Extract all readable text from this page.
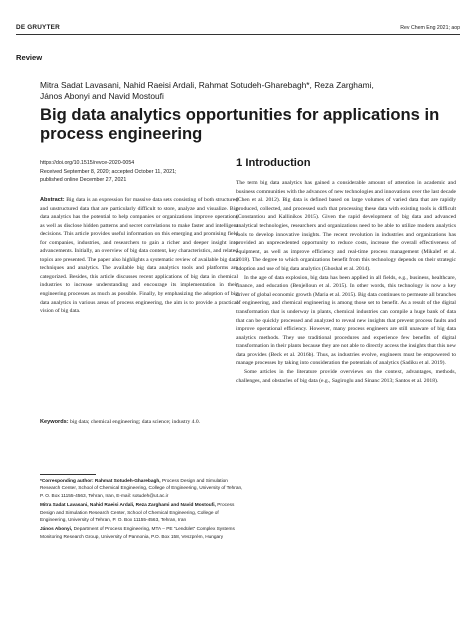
DE GRUYTER	Rev Chem Eng 2021; aop
Review
Mitra Sadat Lavasani, Nahid Raeisi Ardali, Rahmat Sotudeh-Gharebagh*, Reza Zarghami,
János Abonyi and Navid Mostoufi
Big data analytics opportunities for applications in process engineering
https://doi.org/10.1515/revce-2020-0054
Received September 8, 2020; accepted October 11, 2021;
published online December 27, 2021
Abstract: Big data is an expression for massive data sets consisting of both structured and unstructured data that are particularly difficult to store, analyze and visualize. Big data analytics has the potential to help companies or organizations improve operations as well as disclose hidden patterns and secret correlations to make faster and intelligent decisions. This article provides useful information on this emerging and promising field for companies, industries, and researchers to gain a richer and deeper insight into advancements. Initially, an overview of big data content, key characteristics, and related topics are presented. The paper also highlights a systematic review of available big data techniques and analytics. The available big data analytics tools and platforms are categorized. Besides, this article discusses recent applications of big data in chemical industries to increase understanding and encourage its implementation in their engineering processes as much as possible. Finally, by emphasizing the adoption of big data analytics in various areas of process engineering, the aim is to provide a practical vision of big data.
Keywords: big data; chemical engineering; data science; industry 4.0.

*Corresponding author: Rahmat Sotudeh-Gharebagh, Process Design and Simulation Research Center, School of Chemical Engineering, College of Engineering, University of Tehran, P. O. Box 11155-4563, Tehran, Iran, E-mail: sotudeh@ut.ac.ir

Mitra Sadat Lavasani, Nahid Raeisi Ardali, Reza Zarghami and Navid Mostoufi, Process Design and Simulation Research Center, School of Chemical Engineering, College of Engineering, University of Tehran, P. O. Box 11155-4563, Tehran, Iran

János Abonyi, Department of Process Engineering, MTA – PE “Lendület” Complex Systems Monitoring Research Group, University of Pannonia, P.O. Box 158, Veszprém, Hungary

1 Introduction

The term big data analytics has gained a considerable amount of attention in academic and business communities with the advances of new technologies and innovations over the last decade (Chen et al. 2012). Big data is defined based on large volumes of varied data that are rapidly produced, collected, and processed such that processing these data with existing tools is difficult (Constantiou and Kallinikos 2015). Given the rapid development of big data and advanced analytical technologies, researchers and organizations need to be able to utilize modern analytics tools to develop innovative insights. The recent revolution in industries and organizations has provided an unprecedented opportunity to reduce costs, increase the overall effectiveness of equipment, as well as improve efficiency and real-time process management (Mikalef et al. 2018). The degree to which organizations benefit from this technology depends on their strategic adoption and use of big data analytics (Ghoshal et al. 2014).

In the age of data explosion, big data has been applied in all fields, e.g., business, healthcare, finance, and education (Benjelloun et al. 2015). In other words, this technology is now a key driver of global economic growth (Maria et al. 2015). Big data continues to permeate all branches of engineering, and chemical engineering is among those set to benefit. As a result of the digital transformation that is underway in plants, chemical industries can compile a huge bank of data that can be quickly processed and analyzed to reveal new insights that prevent process faults and improve operational efficiency. However, many process engineers are still unaware of big data analytics methods. They use traditional procedures and experience few benefits of digital transformation in their plants because they are not able to directly access the insights that this new data provides (Beck et al. 2016b). Thus, as industries evolve, engineers must be empowered to manage processes by taking into consideration the potentials of analytics (Sadiku et al. 2019).

Some articles in the literature provide overviews on the context, advantages, methods, challenges, and obstacles of big data (e.g., Sagiroglu and Sinanc 2013; Santos et al. 2018).
